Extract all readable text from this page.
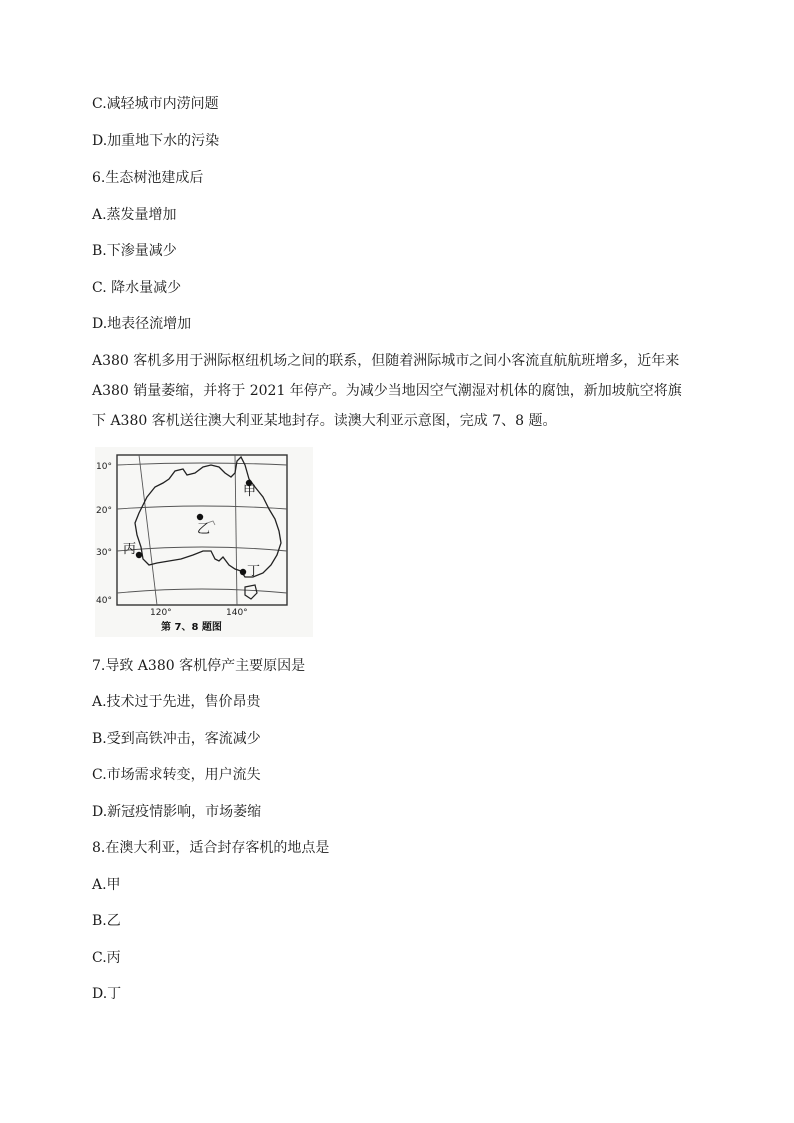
C.减轻城市内涝问题
D.加重地下水的污染
6.生态树池建成后
A.蒸发量增加
B.下渗量减少
C. 降水量减少
D.地表径流增加
A380 客机多用于洲际枢纽机场之间的联系，但随着洲际城市之间小客流直航航班增多，近年来
A380 销量萎缩，并将于 2021 年停产。为减少当地因空气潮湿对机体的腐蚀，新加坡航空将旗
下 A380 客机送往澳大利亚某地封存。读澳大利亚示意图，完成 7、8 题。
甲
乙
丙
丁
10°
20°
30°
40°
120°	140°
第 7、8 题图
7.导致 A380 客机停产主要原因是
A.技术过于先进，售价昂贵
B.受到高铁冲击，客流减少
C.市场需求转变，用户流失
D.新冠疫情影响，市场萎缩
8.在澳大利亚，适合封存客机的地点是
A.甲
B.乙
C.丙
D.丁
